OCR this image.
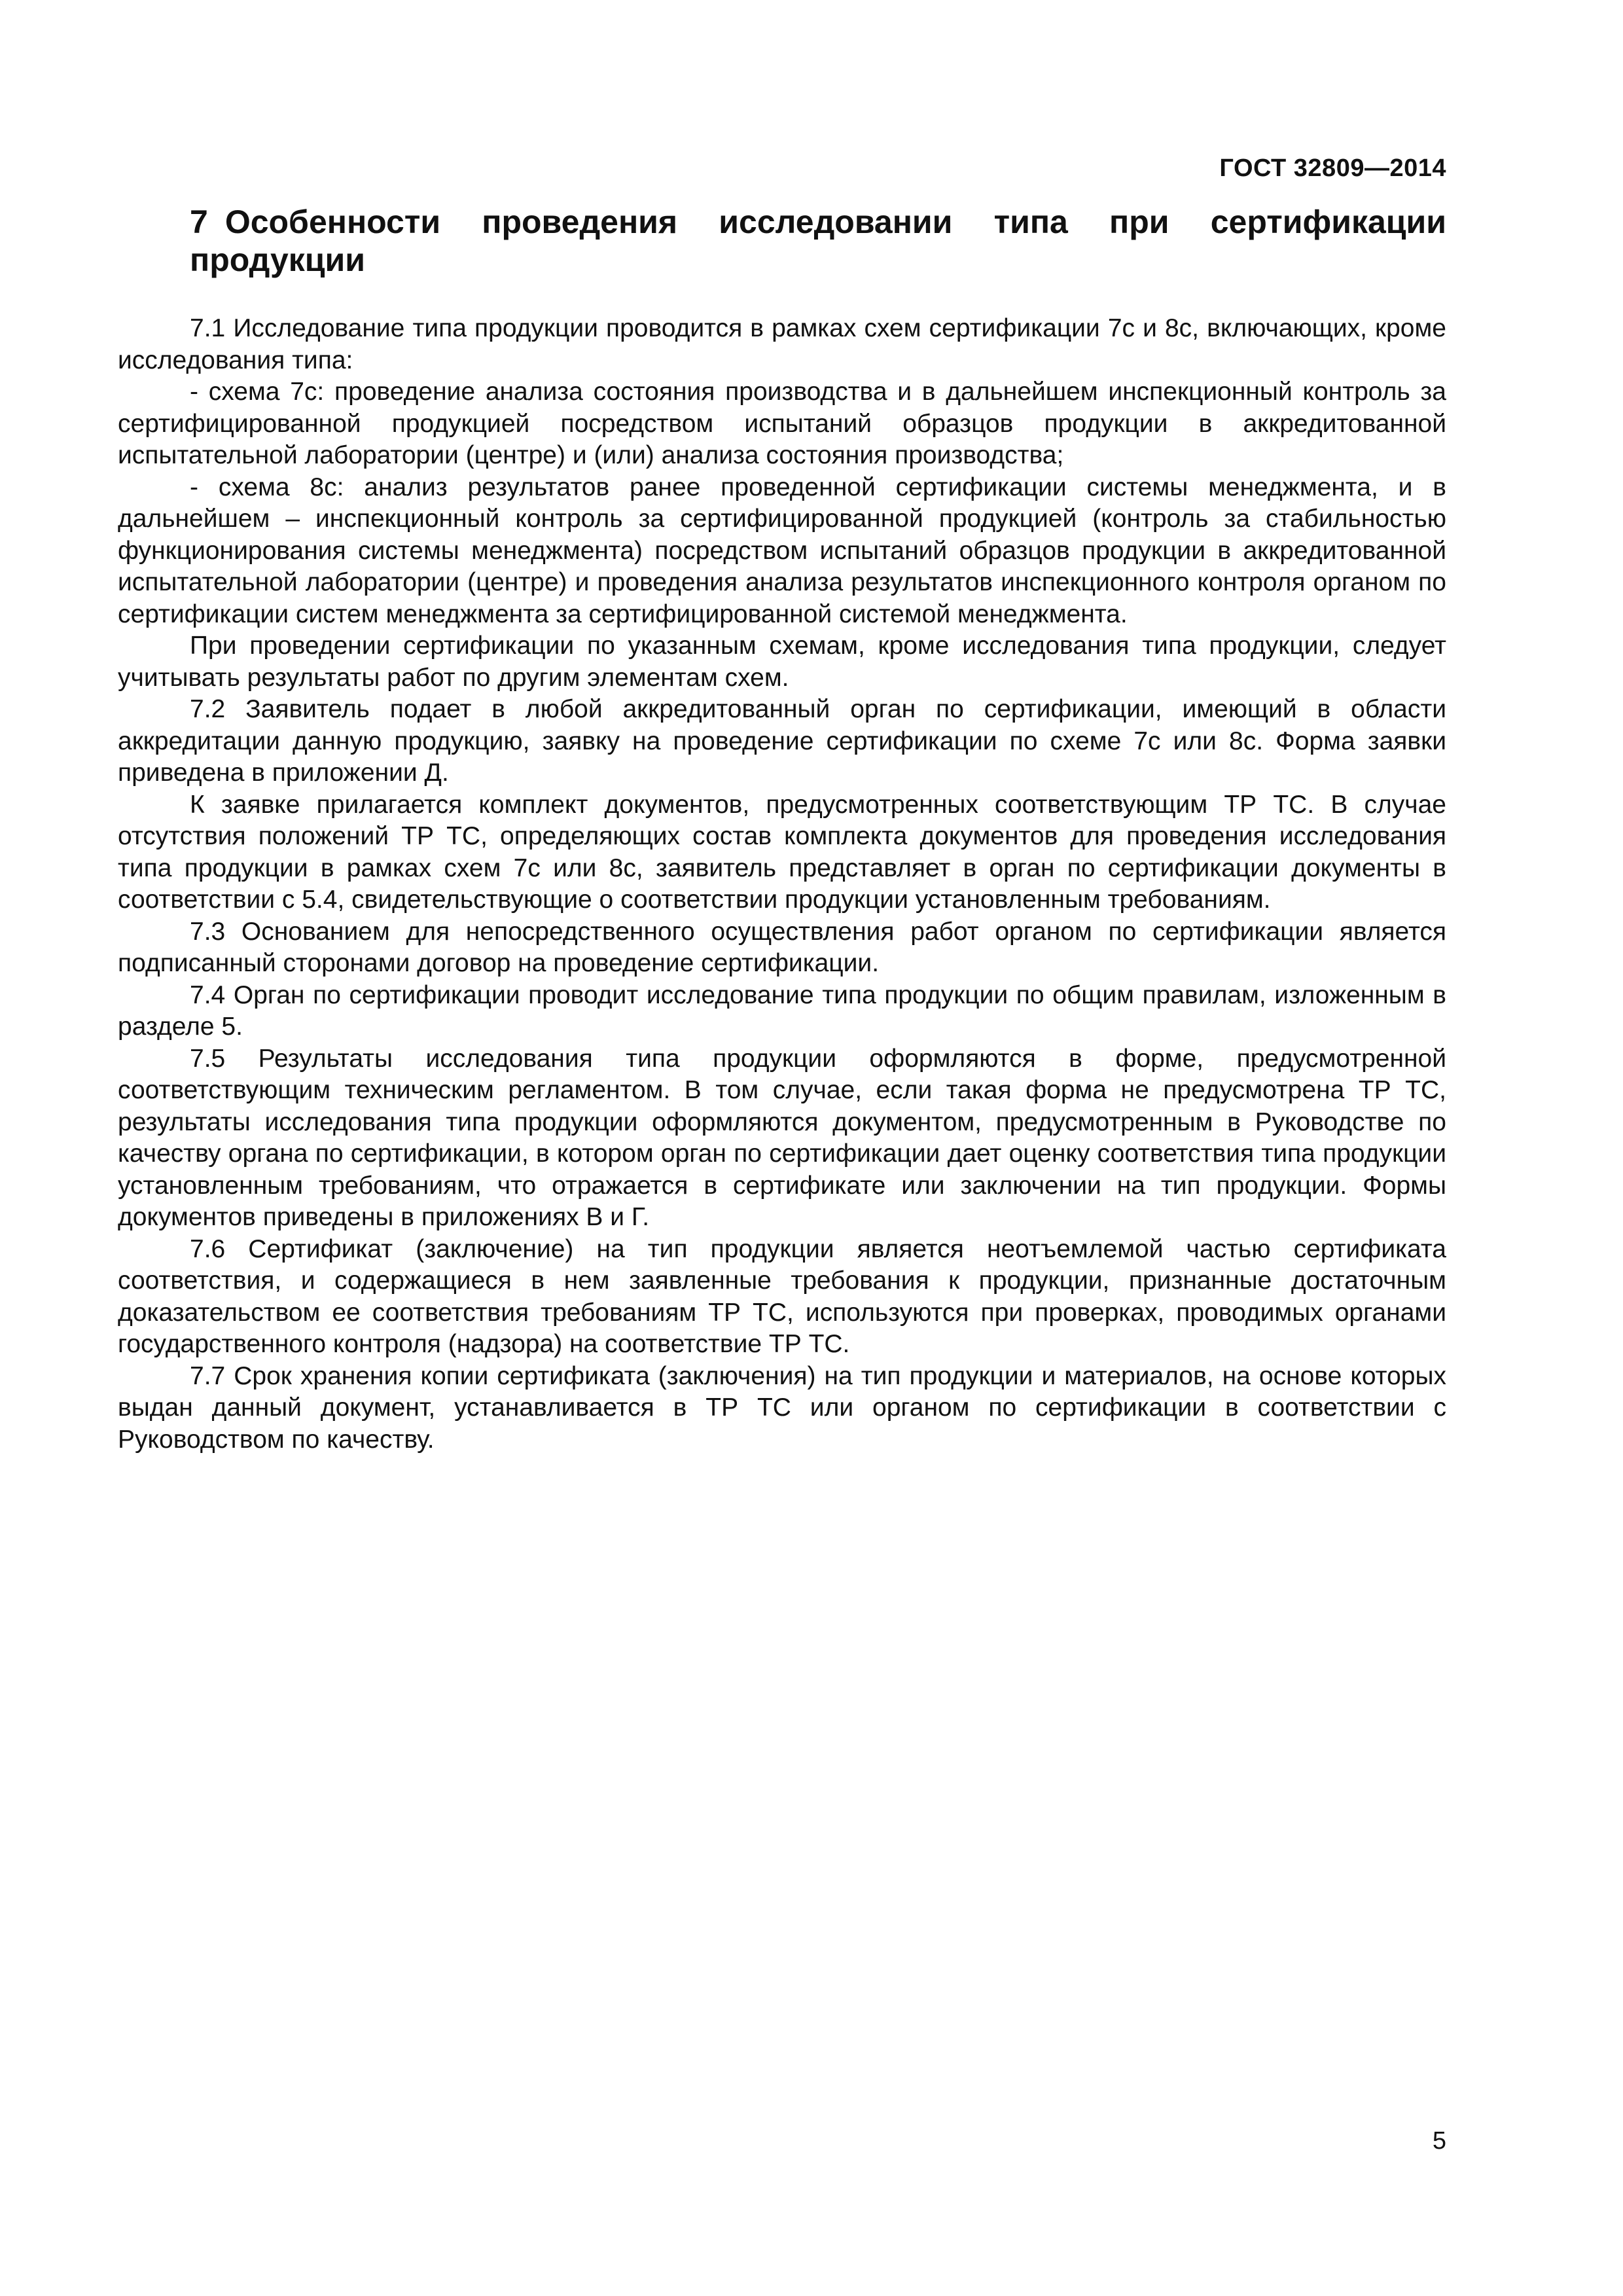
ГОСТ 32809—2014
7 Особенности проведения исследовании типа при сертификации продукции

7.1 Исследование типа продукции проводится в рамках схем сертификации 7с и 8с, включающих, кроме исследования типа:

- схема 7с: проведение анализа состояния производства и в дальнейшем инспекционный контроль за сертифицированной продукцией посредством испытаний образцов продукции в аккредитованной испытательной лаборатории (центре) и (или) анализа состояния производства;

- схема 8с: анализ результатов ранее проведенной сертификации системы менеджмента, и в дальнейшем – инспекционный контроль за сертифицированной продукцией (контроль за стабильностью функционирования системы менеджмента) посредством испытаний образцов продукции в аккредитованной испытательной лаборатории (центре) и проведения анализа результатов инспекционного контроля органом по сертификации систем менеджмента за сертифицированной системой менеджмента.

При проведении сертификации по указанным схемам, кроме исследования типа продукции, следует учитывать результаты работ по другим элементам схем.

7.2 Заявитель подает в любой аккредитованный орган по сертификации, имеющий в области аккредитации данную продукцию, заявку на проведение сертификации по схеме 7с или 8с. Форма заявки приведена в приложении Д.

К заявке прилагается комплект документов, предусмотренных соответствующим ТР ТС. В случае отсутствия положений ТР ТС, определяющих состав комплекта документов для проведения исследования типа продукции в рамках схем 7с или 8с, заявитель представляет в орган по сертификации документы в соответствии с 5.4, свидетельствующие о соответствии продукции установленным требованиям.

7.3 Основанием для непосредственного осуществления работ органом по сертификации является подписанный сторонами договор на проведение сертификации.

7.4 Орган по сертификации проводит исследование типа продукции по общим правилам, изложенным в разделе 5.

7.5 Результаты исследования типа продукции оформляются в форме, предусмотренной соответствующим техническим регламентом. В том случае, если такая форма не предусмотрена ТР ТС, результаты исследования типа продукции оформляются документом, предусмотренным в Руководстве по качеству органа по сертификации, в котором орган по сертификации дает оценку соответствия типа продукции установленным требованиям, что отражается в сертификате или заключении на тип продукции. Формы документов приведены в приложениях В и Г.

7.6 Сертификат (заключение) на тип продукции является неотъемлемой частью сертификата соответствия, и содержащиеся в нем заявленные требования к продукции, признанные достаточным доказательством ее соответствия требованиям ТР ТС, используются при проверках, проводимых органами государственного контроля (надзора) на соответствие ТР ТС.

7.7 Срок хранения копии сертификата (заключения) на тип продукции и материалов, на основе которых выдан данный документ, устанавливается в ТР ТС или органом по сертификации в соответствии с Руководством по качеству.

5
